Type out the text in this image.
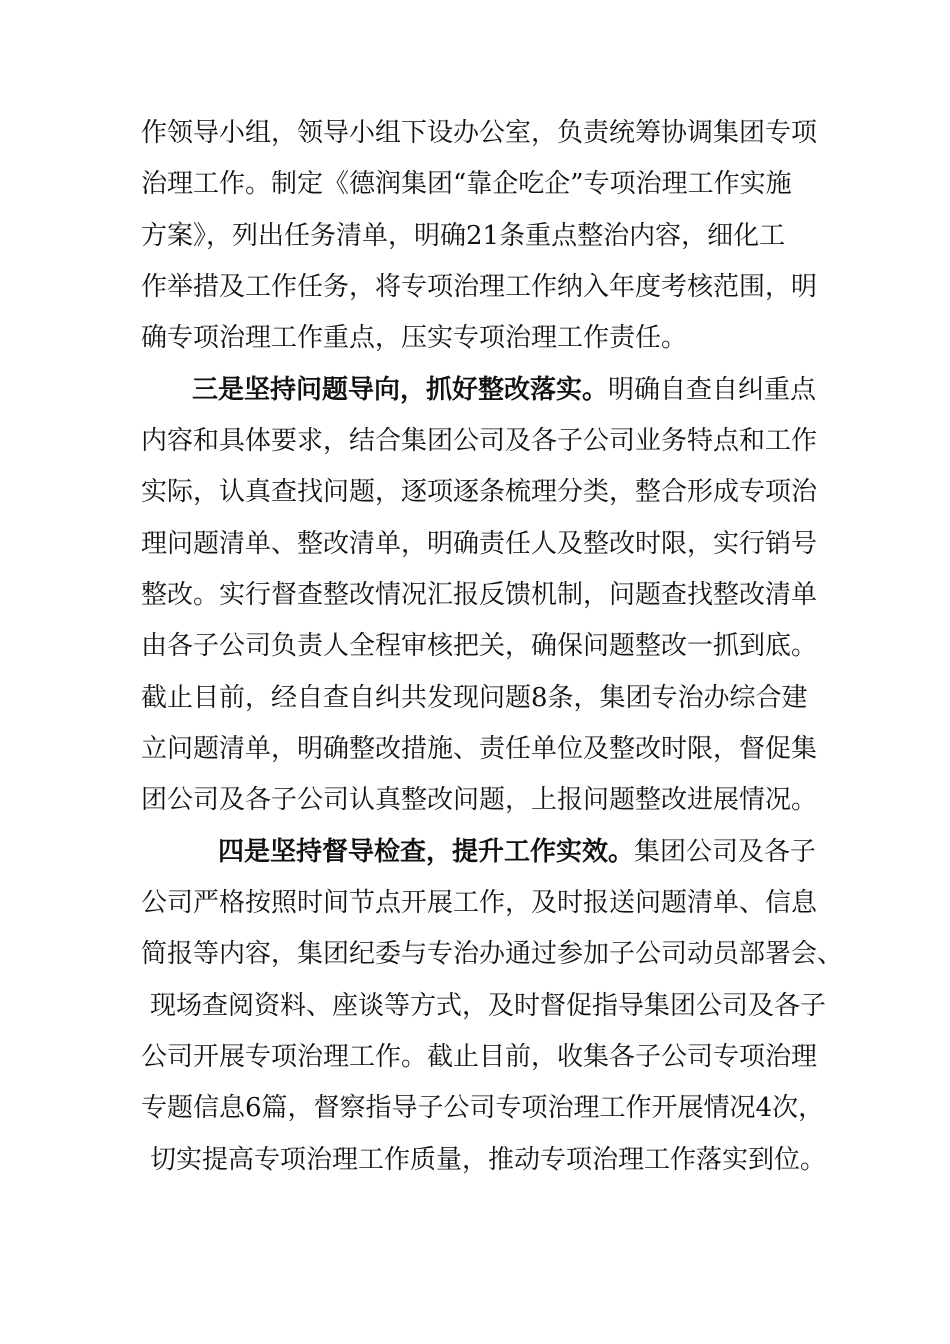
作领导小组，领导小组下设办公室，负责统筹协调集团专项
治理工作。制定《德润集团“靠企吃企”专项治理工作实施
方案》，列出任务清单，明确21条重点整治内容，细化工
作举措及工作任务，将专项治理工作纳入年度考核范围，明
确专项治理工作重点，压实专项治理工作责任。
三是坚持问题导向，抓好整改落实。明确自查自纠重点
内容和具体要求，结合集团公司及各子公司业务特点和工作
实际，认真查找问题，逐项逐条梳理分类，整合形成专项治
理问题清单、整改清单，明确责任人及整改时限，实行销号
整改。实行督查整改情况汇报反馈机制，问题查找整改清单
由各子公司负责人全程审核把关，确保问题整改一抓到底。
截止目前，经自查自纠共发现问题8条，集团专治办综合建
立问题清单，明确整改措施、责任单位及整改时限，督促集
团公司及各子公司认真整改问题，上报问题整改进展情况。
四是坚持督导检查，提升工作实效。集团公司及各子
公司严格按照时间节点开展工作，及时报送问题清单、信息
简报等内容，集团纪委与专治办通过参加子公司动员部署会、
现场查阅资料、座谈等方式，及时督促指导集团公司及各子
公司开展专项治理工作。截止目前，收集各子公司专项治理
专题信息6篇，督察指导子公司专项治理工作开展情况4次，
切实提高专项治理工作质量，推动专项治理工作落实到位。
